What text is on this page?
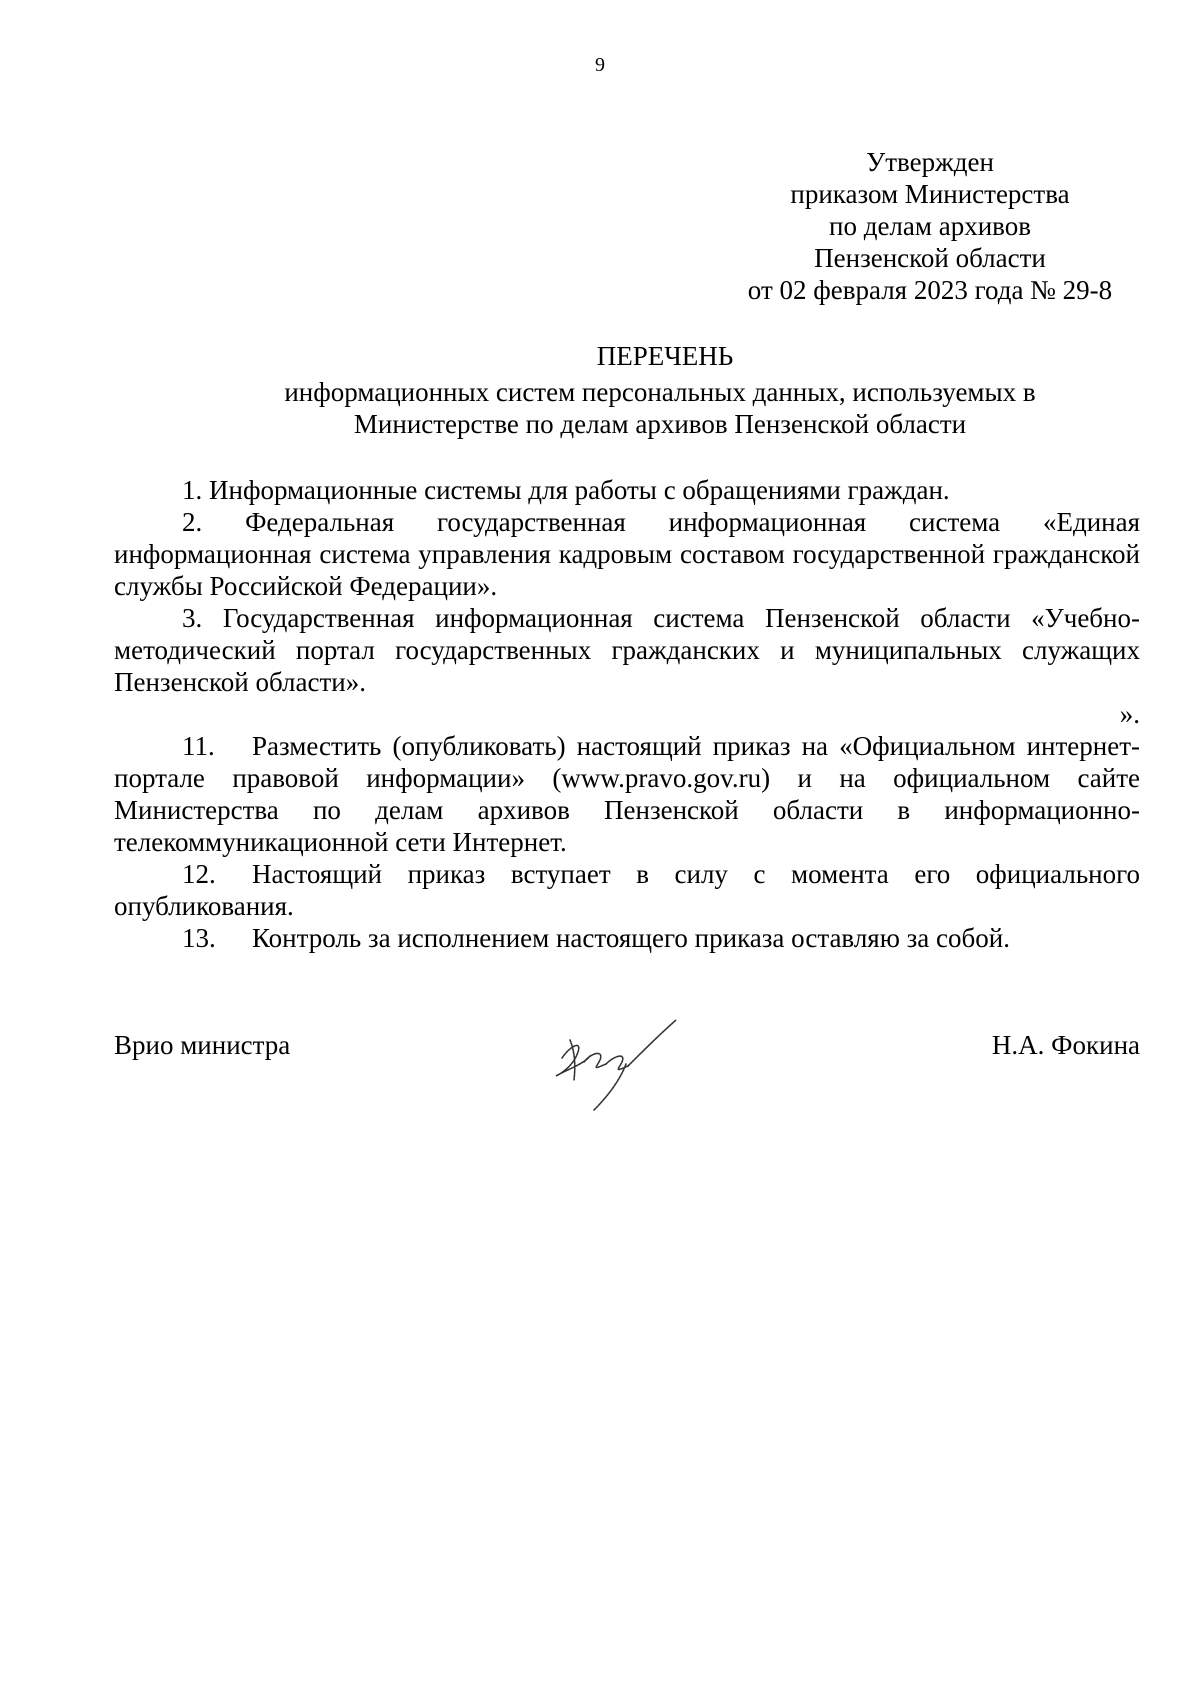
9
Утвержден
приказом Министерства
по делам архивов
Пензенской области
от 02 февраля 2023 года № 29-8
ПЕРЕЧЕНЬ
информационных систем персональных данных, используемых в
Министерстве по делам архивов Пензенской области

1. Информационные системы для работы с обращениями граждан.

2. Федеральная государственная информационная система «Единая информационная система управления кадровым составом государственной гражданской службы Российской Федерации».

3. Государственная информационная система Пензенской области «Учебно-методический портал государственных гражданских и муниципальных служащих Пензенской области».

».

11. Разместить (опубликовать) настоящий приказ на «Официальном интернет-портале правовой информации» (www.pravo.gov.ru) и на официальном сайте Министерства по делам архивов Пензенской области в информационно-телекоммуникационной сети Интернет.

12. Настоящий приказ вступает в силу с момента его официального опубликования.

13. Контроль за исполнением настоящего приказа оставляю за собой.

Врио министра	Н.А. Фокина
